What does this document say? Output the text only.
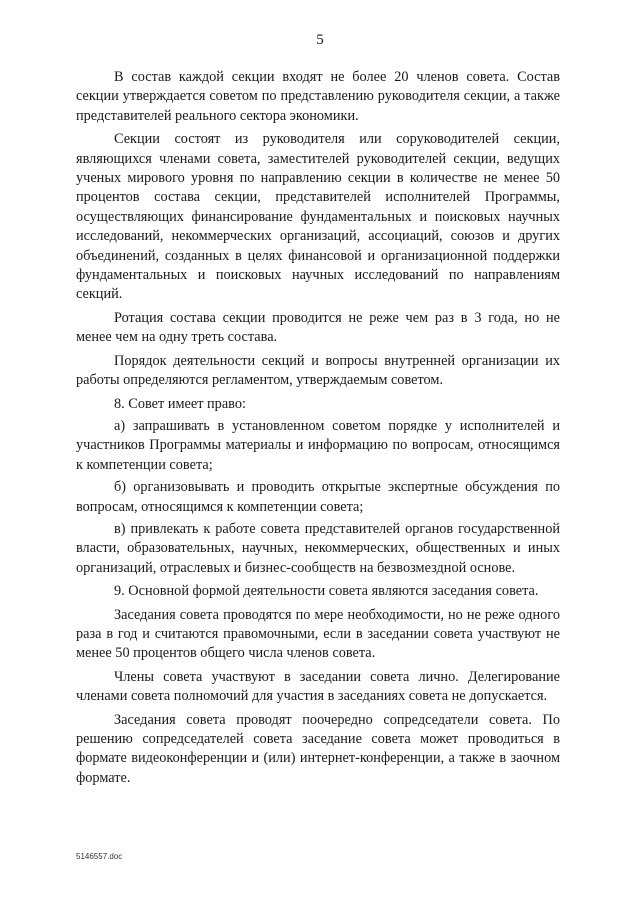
5

В состав каждой секции входят не более 20 членов совета. Состав секции утверждается советом по представлению руководителя секции, а также представителей реального сектора экономики.

Секции состоят из руководителя или соруководителей секции, являющихся членами совета, заместителей руководителей секции, ведущих ученых мирового уровня по направлению секции в количестве не менее 50 процентов состава секции, представителей исполнителей Программы, осуществляющих финансирование фундаментальных и поисковых научных исследований, некоммерческих организаций, ассоциаций, союзов и других объединений, созданных в целях финансовой и организационной поддержки фундаментальных и поисковых научных исследований по направлениям секций.

Ротация состава секции проводится не реже чем раз в 3 года, но не менее чем на одну треть состава.

Порядок деятельности секций и вопросы внутренней организации их работы определяются регламентом, утверждаемым советом.

8. Совет имеет право:

а) запрашивать в установленном советом порядке у исполнителей и участников Программы материалы и информацию по вопросам, относящимся к компетенции совета;

б) организовывать и проводить открытые экспертные обсуждения по вопросам, относящимся к компетенции совета;

в) привлекать к работе совета представителей органов государственной власти, образовательных, научных, некоммерческих, общественных и иных организаций, отраслевых и бизнес-сообществ на безвозмездной основе.

9. Основной формой деятельности совета являются заседания совета.

Заседания совета проводятся по мере необходимости, но не реже одного раза в год и считаются правомочными, если в заседании совета участвуют не менее 50 процентов общего числа членов совета.

Члены совета участвуют в заседании совета лично. Делегирование членами совета полномочий для участия в заседаниях совета не допускается.

Заседания совета проводят поочередно сопредседатели совета. По решению сопредседателей совета заседание совета может проводиться в формате видеоконференции и (или) интернет-конференции, а также в заочном формате.

5146557.doc
